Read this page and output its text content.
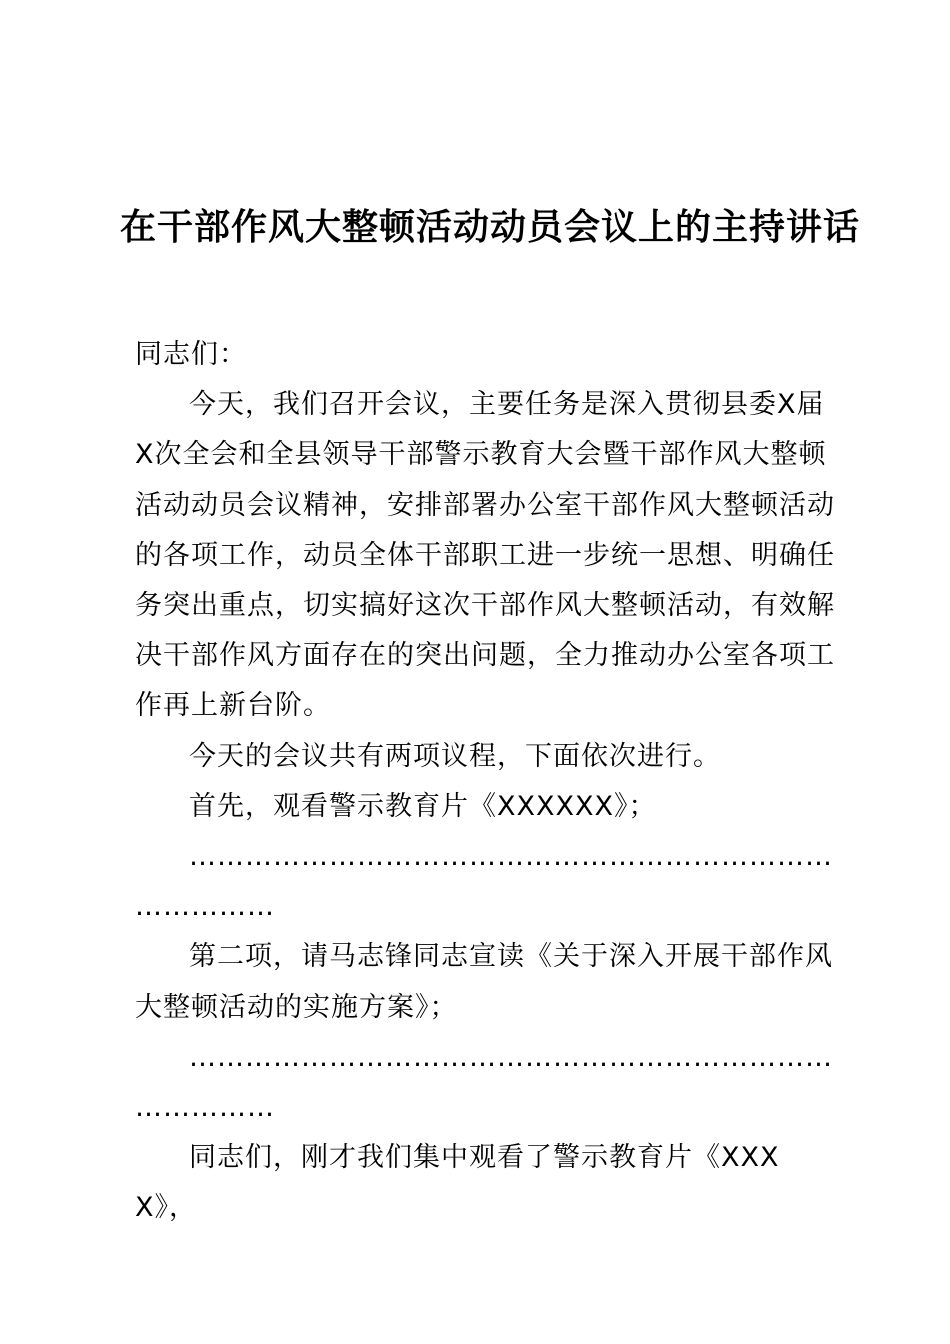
在干部作风大整顿活动动员会议上的主持讲话

同志们：

今天，我们召开会议，主要任务是深入贯彻县委X届X次全会和全县领导干部警示教育大会暨干部作风大整顿活动动员会议精神，安排部署办公室干部作风大整顿活动的各项工作，动员全体干部职工进一步统一思想、明确任务突出重点，切实搞好这次干部作风大整顿活动，有效解决干部作风方面存在的突出问题，全力推动办公室各项工作再上新台阶。

今天的会议共有两项议程，下面依次进行。

首先，观看警示教育片《XXXXXX》；

……………………………………………………………

……………

第二项，请马志锋同志宣读《关于深入开展干部作风大整顿活动的实施方案》；

……………………………………………………………

……………

同志们，刚才我们集中观看了警示教育片《XXXX》，
